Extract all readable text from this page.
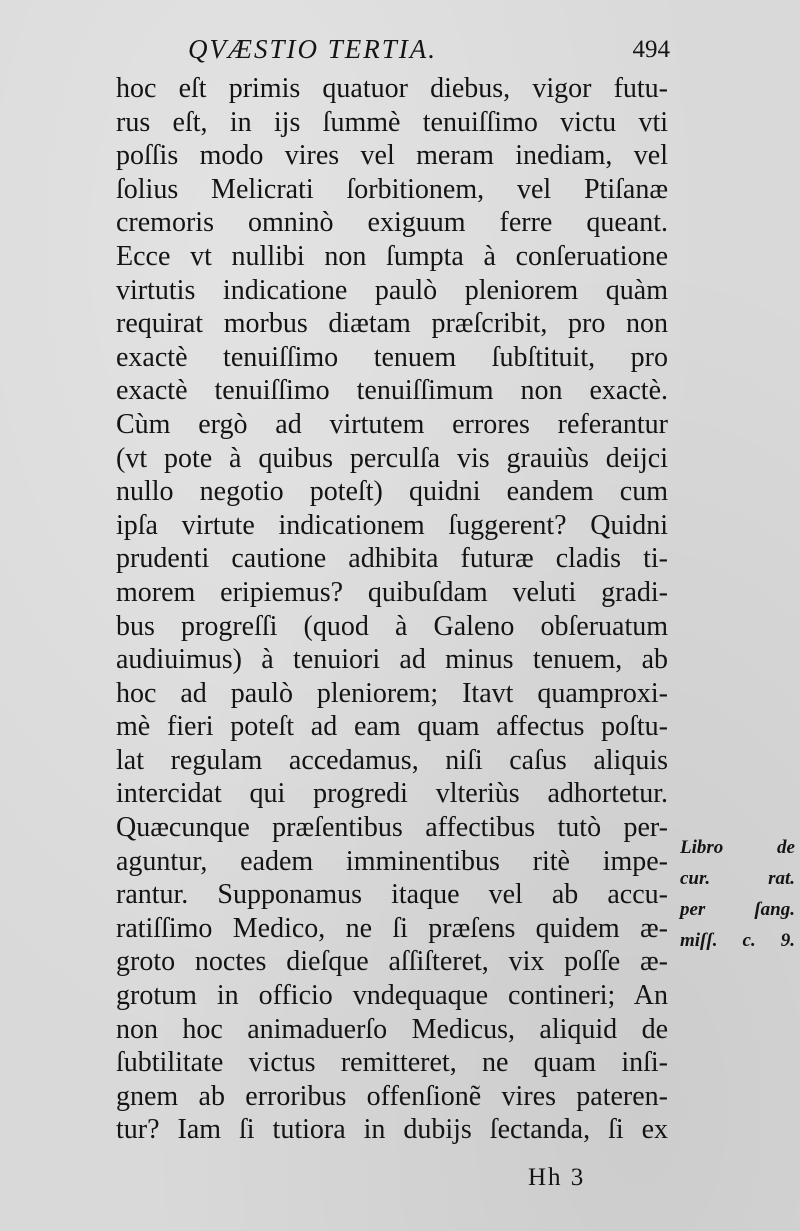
QVÆSTIO TERTIA.	494
hoc eſt primis quatuor diebus, vigor futu-
rus eſt, in ijs ſummè tenuiſſimo victu vti
poſſis modo vires vel meram inediam, vel
ſolius Melicrati ſorbitionem, vel Ptiſanæ
cremoris omninò exiguum ferre queant.
Ecce vt nullibi non ſumpta à conſeruatione
virtutis indicatione paulò pleniorem quàm
requirat morbus diætam præſcribit, pro non
exactè tenuiſſimo tenuem ſubſtituit, pro
exactè tenuiſſimo tenuiſſimum non exactè.
Cùm ergò ad virtutem errores referantur
(vt pote à quibus perculſa vis grauiùs deijci
nullo negotio poteſt) quidni eandem cum
ipſa virtute indicationem ſuggerent? Quidni
prudenti cautione adhibita futuræ cladis ti-
morem eripiemus? quibuſdam veluti gradi-
bus progreſſi (quod à Galeno obſeruatum
audiuimus) à tenuiori ad minus tenuem, ab
hoc ad paulò pleniorem; Itavt quamproxi-
mè fieri poteſt ad eam quam affectus poſtu-
lat regulam accedamus, niſi caſus aliquis
intercidat qui progredi vlteriùs adhortetur.
Quæcunque præſentibus affectibus tutò per-
aguntur, eadem imminentibus ritè impe-
rantur. Supponamus itaque vel ab accu-
ratiſſimo Medico, ne ſi præſens quidem æ-
groto noctes dieſque aſſiſteret, vix poſſe æ-
grotum in officio vndequaque contineri; An
non hoc animaduerſo Medicus, aliquid de
ſubtilitate victus remitteret, ne quam inſi-
gnem ab erroribus offenſionẽ vires pateren-
tur? Iam ſi tutiora in dubijs ſectanda, ſi ex
Libro de
cur. rat.
per ſang.
miſſ. c. 9.
Hh 3
